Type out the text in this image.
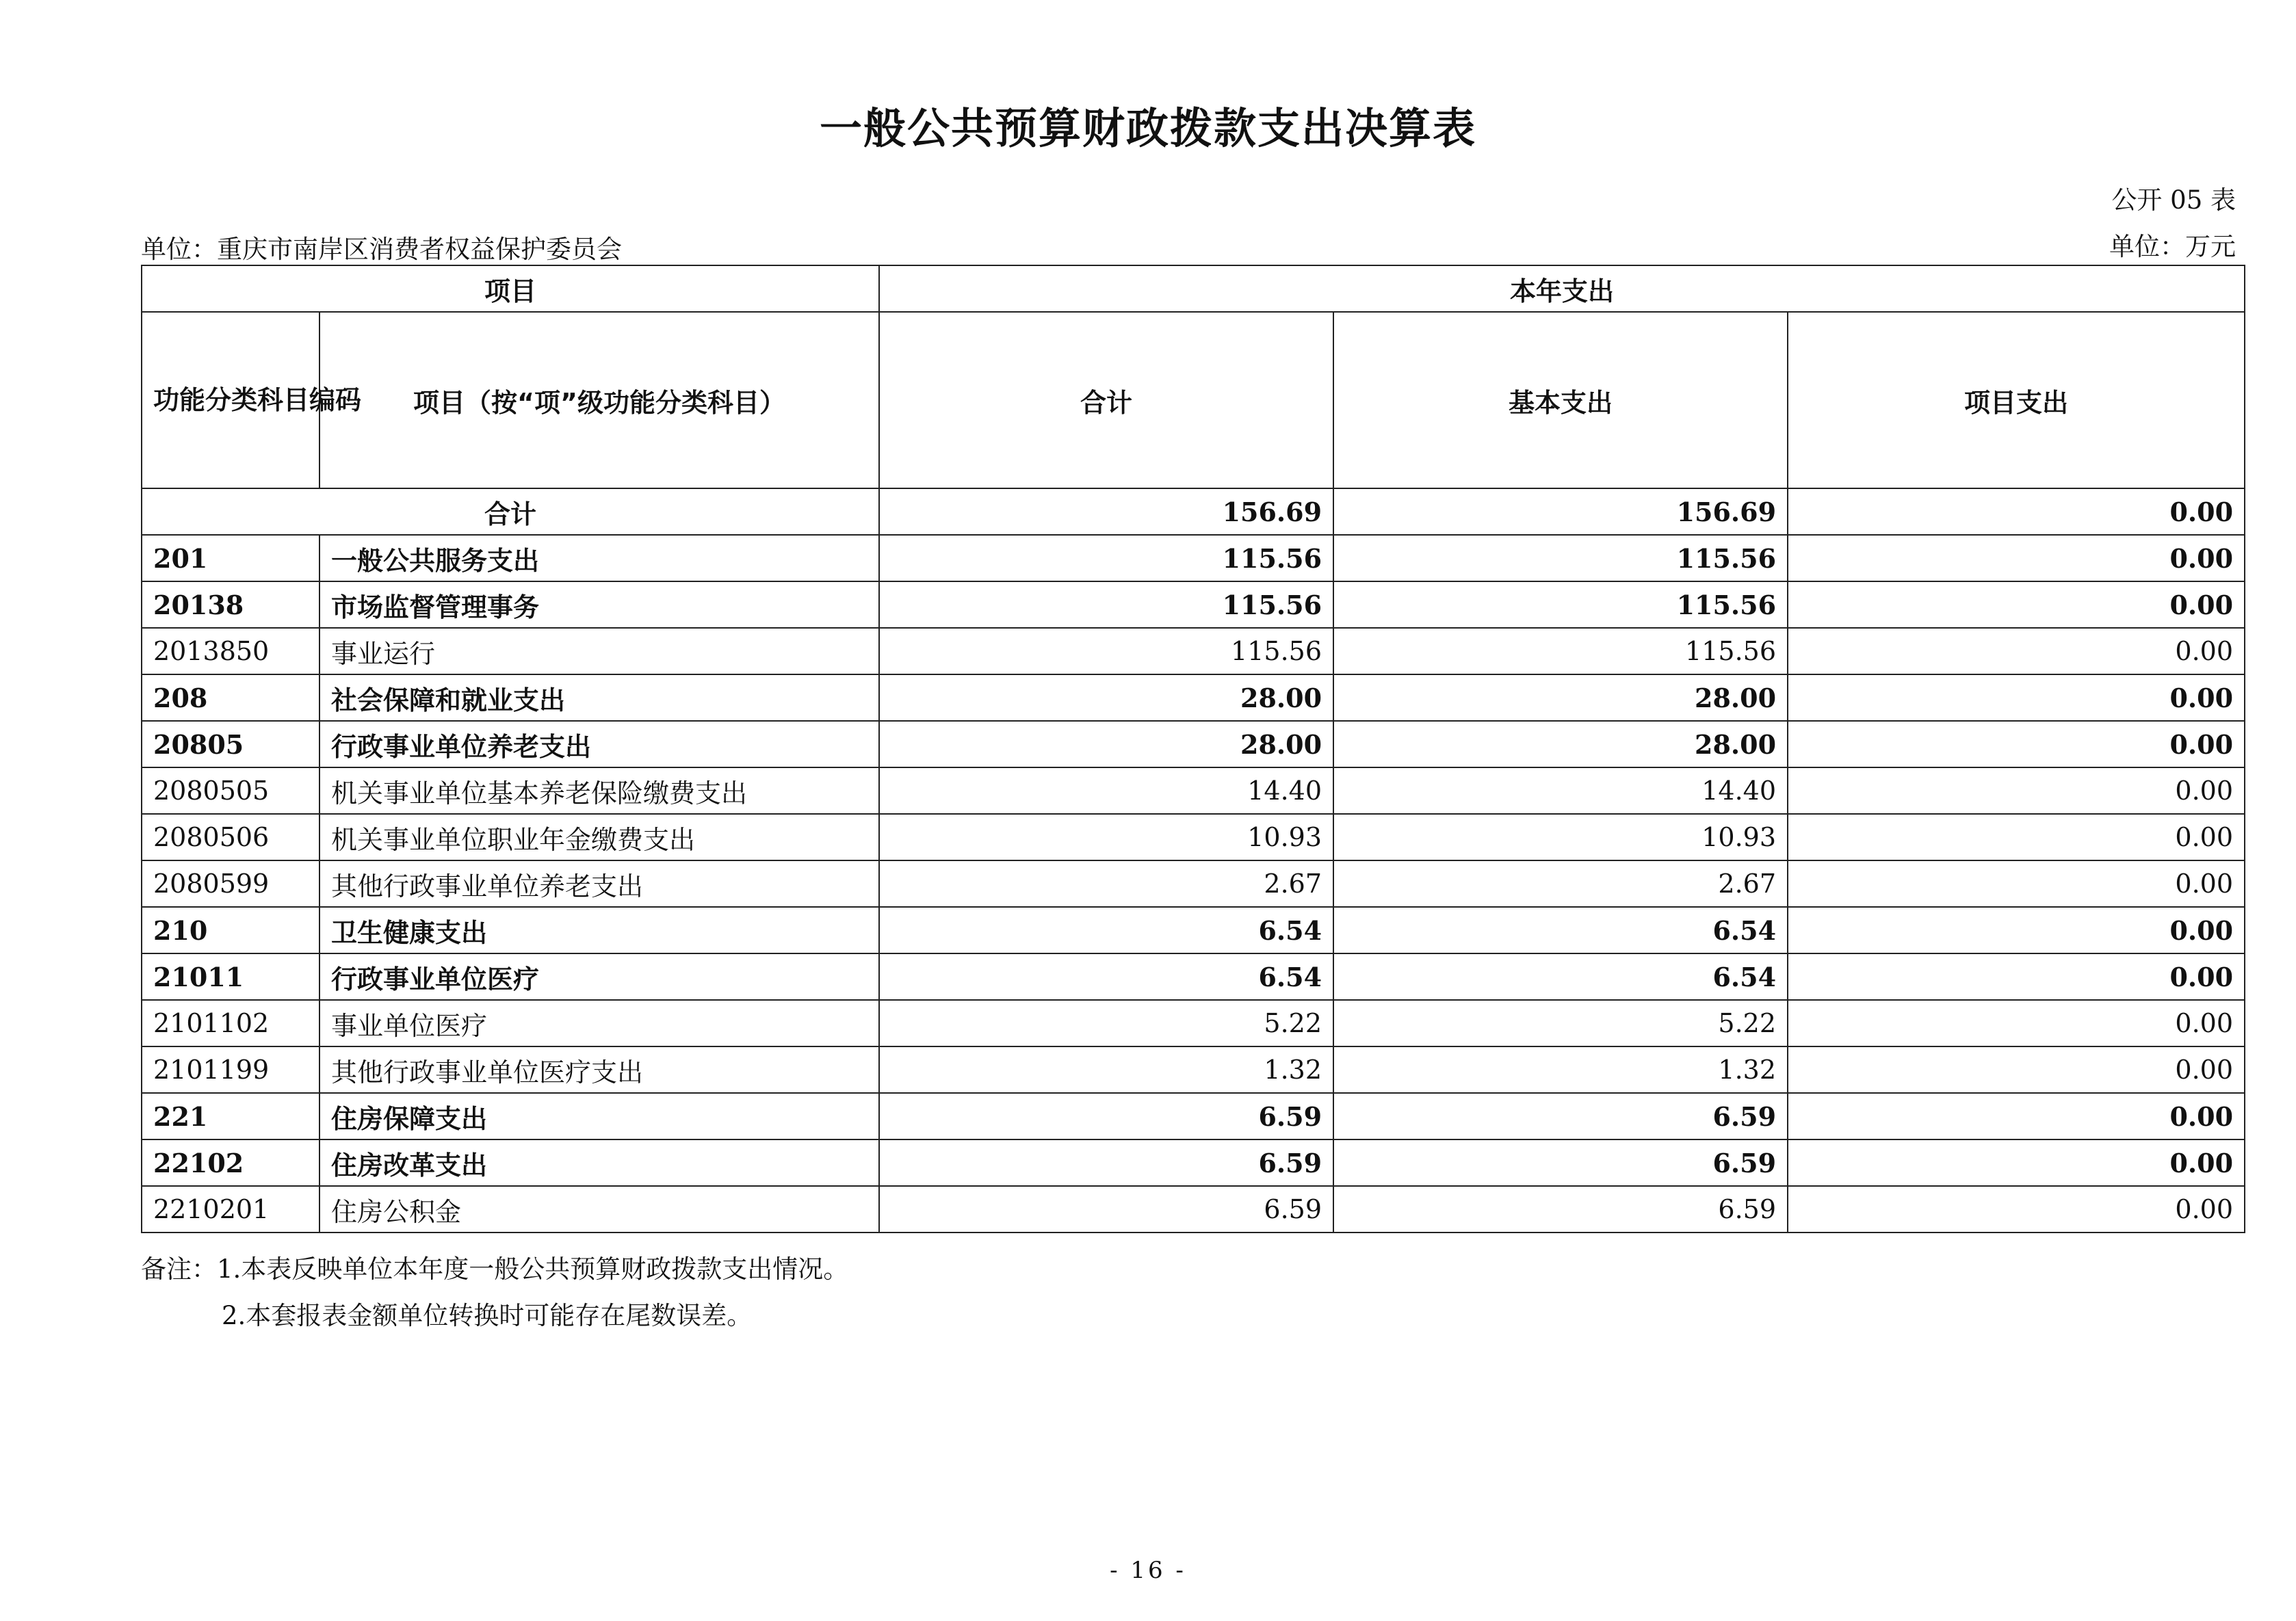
一般公共预算财政拨款支出决算表
公开 05 表
单位：重庆市南岸区消费者权益保护委员会	单位：万元
项目		本年支出		
功能分类科目编码	项目（按“项”级功能分类科目）	合计	基本支出	项目支出
合计		156.69	156.69	0.00
201	一般公共服务支出	115.56	115.56	0.00
20138	市场监督管理事务	115.56	115.56	0.00
2013850	事业运行	115.56	115.56	0.00
208	社会保障和就业支出	28.00	28.00	0.00
20805	行政事业单位养老支出	28.00	28.00	0.00
2080505	机关事业单位基本养老保险缴费支出	14.40	14.40	0.00
2080506	机关事业单位职业年金缴费支出	10.93	10.93	0.00
2080599	其他行政事业单位养老支出	2.67	2.67	0.00
210	卫生健康支出	6.54	6.54	0.00
21011	行政事业单位医疗	6.54	6.54	0.00
2101102	事业单位医疗	5.22	5.22	0.00
2101199	其他行政事业单位医疗支出	1.32	1.32	0.00
221	住房保障支出	6.59	6.59	0.00
22102	住房改革支出	6.59	6.59	0.00
2210201	住房公积金	6.59	6.59	0.00
备注：1.本表反映单位本年度一般公共预算财政拨款支出情况。
2.本套报表金额单位转换时可能存在尾数误差。
- 16 -
